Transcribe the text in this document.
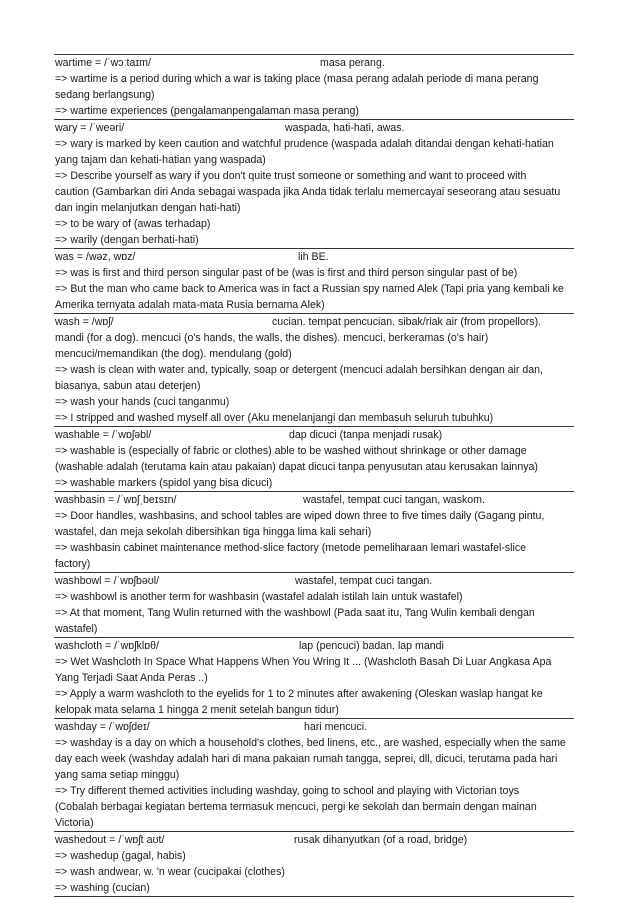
wartime = /ˈwɔːtaɪm/	masa perang.
=> wartime is a period during which a war is taking place (masa perang adalah periode di mana perang
sedang berlangsung)
=> wartime experiences (pengalamanpengalaman masa perang)
wary = /ˈweəri/	waspada, hati-hati, awas.
=> wary is marked by keen caution and watchful prudence (waspada adalah ditandai dengan kehati-hatian
yang tajam dan kehati-hatian yang waspada)
=> Describe yourself as wary if you don't quite trust someone or something and want to proceed with
caution (Gambarkan diri Anda sebagai waspada jika Anda tidak terlalu memercayai seseorang atau sesuatu
dan ingin melanjutkan dengan hati-hati)
=> to be wary of (awas terhadap)
=> warily (dengan berhati-hati)
was = /wəz, wɒz/	lih BE.
=> was is first and third person singular past of be (was is first and third person singular past of be)
=> But the man who came back to America was in fact a Russian spy named Alek (Tapi pria yang kembali ke
Amerika ternyata adalah mata-mata Rusia bernama Alek)
wash = /wɒʃ/	cucian. tempat pencucian. sibak/riak air (from propellors).
mandi (for a dog). mencuci (o's hands, the walls, the dishes). mencuci, berkeramas (o's hair)
mencuci/memandikan (the dog). mendulang (gold)
=> wash is clean with water and, typically, soap or detergent (mencuci adalah bersihkan dengan air dan,
biasanya, sabun atau deterjen)
=> wash your hands (cuci tanganmu)
=> I stripped and washed myself all over (Aku menelanjangi dan membasuh seluruh tubuhku)
washable = /ˈwɒʃəbl/	dap dicuci (tanpa menjadi rusak)
=> washable is (especially of fabric or clothes) able to be washed without shrinkage or other damage
(washable adalah (terutama kain atau pakaian) dapat dicuci tanpa penyusutan atau kerusakan lainnya)
=> washable markers (spidol yang bisa dicuci)
washbasin = /ˈwɒʃˌbeɪsɪn/	wastafel, tempat cuci tangan, waskom.
=> Door handles, washbasins, and school tables are wiped down three to five times daily (Gagang pintu,
wastafel, dan meja sekolah dibersihkan tiga hingga lima kali sehari)
=> washbasin cabinet maintenance method-slice factory (metode pemeliharaan lemari wastafel-slice
factory)
washbowl = /ˈwɒʃbəʊl/	wastafel, tempat cuci tangan.
=> washbowl is another term for washbasin (wastafel adalah istilah lain untuk wastafel)
=> At that moment, Tang Wulin returned with the washbowl (Pada saat itu, Tang Wulin kembali dengan
wastafel)
washcloth = /ˈwɒʃklɒθ/	lap (pencuci) badan. lap mandi
=> Wet Washcloth In Space What Happens When You Wring It ... (Washcloth Basah Di Luar Angkasa Apa
Yang Terjadi Saat Anda Peras ..)
=> Apply a warm washcloth to the eyelids for 1 to 2 minutes after awakening (Oleskan waslap hangat ke
kelopak mata selama 1 hingga 2 menit setelah bangun tidur)
washday = /ˈwɒʃdeɪ/	hari mencuci.
=> washday is a day on which a household's clothes, bed linens, etc., are washed, especially when the same
day each week (washday adalah hari di mana pakaian rumah tangga, seprei, dll, dicuci, terutama pada hari
yang sama setiap minggu)
=> Try different themed activities including washday, going to school and playing with Victorian toys
(Cobalah berbagai kegiatan bertema termasuk mencuci, pergi ke sekolah dan bermain dengan mainan
Victoria)
washedout = /ˈwɒʃt aʊt/	rusak dihanyutkan (of a road, bridge)
=> washedup (gagal, habis)
=> wash andwear, w. 'n wear (cucipakai (clothes)
=> washing (cucian)
